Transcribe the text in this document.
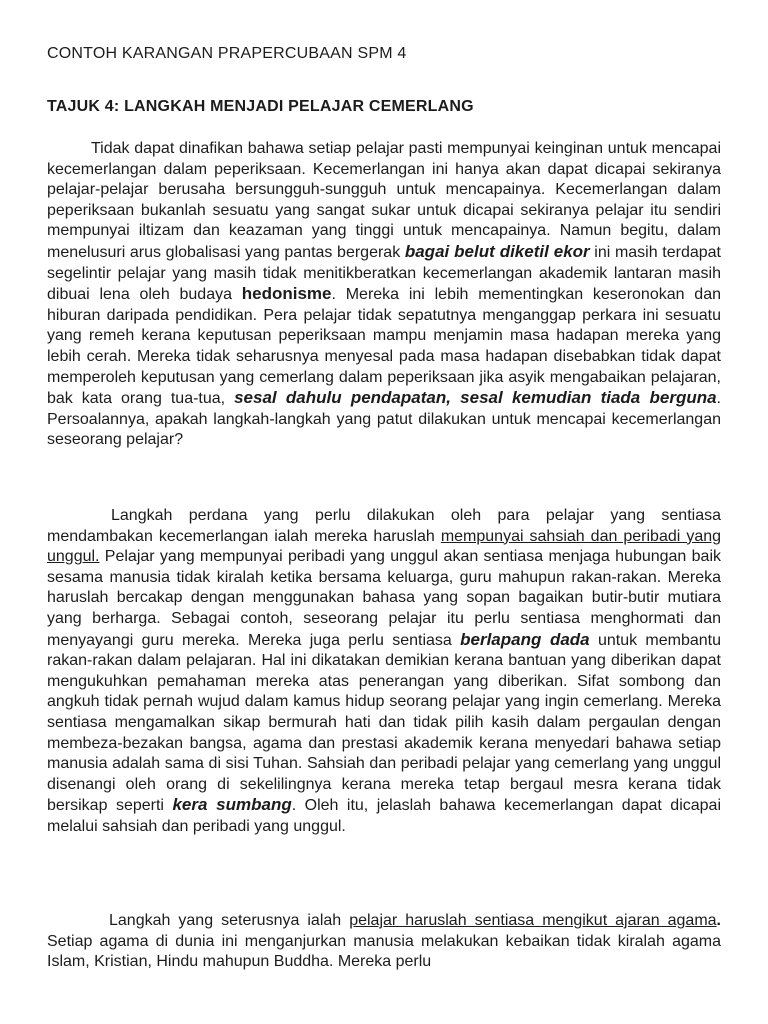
CONTOH KARANGAN PRAPERCUBAAN SPM 4
TAJUK 4: LANGKAH MENJADI PELAJAR CEMERLANG

Tidak dapat dinafikan bahawa setiap pelajar pasti mempunyai keinginan untuk mencapai kecemerlangan dalam peperiksaan. Kecemerlangan ini hanya akan dapat dicapai sekiranya pelajar-pelajar berusaha bersungguh-sungguh untuk mencapainya. Kecemerlangan dalam peperiksaan bukanlah sesuatu yang sangat sukar untuk dicapai sekiranya pelajar itu sendiri mempunyai iltizam dan keazaman yang tinggi untuk mencapainya. Namun begitu, dalam menelusuri arus globalisasi yang pantas bergerak bagai belut diketil ekor ini masih terdapat segelintir pelajar yang masih tidak menitikberatkan kecemerlangan akademik lantaran masih dibuai lena oleh budaya hedonisme. Mereka ini lebih mementingkan keseronokan dan hiburan daripada pendidikan. Pera pelajar tidak sepatutnya menganggap perkara ini sesuatu yang remeh kerana keputusan peperiksaan mampu menjamin masa hadapan mereka yang lebih cerah. Mereka tidak seharusnya menyesal pada masa hadapan disebabkan tidak dapat memperoleh keputusan yang cemerlang dalam peperiksaan jika asyik mengabaikan pelajaran, bak kata orang tua-tua, sesal dahulu pendapatan, sesal kemudian tiada berguna. Persoalannya, apakah langkah-langkah yang patut dilakukan untuk mencapai kecemerlangan seseorang pelajar?

Langkah perdana yang perlu dilakukan oleh para pelajar yang sentiasa mendambakan kecemerlangan ialah mereka haruslah mempunyai sahsiah dan peribadi yang unggul. Pelajar yang mempunyai peribadi yang unggul akan sentiasa menjaga hubungan baik sesama manusia tidak kiralah ketika bersama keluarga, guru mahupun rakan-rakan. Mereka haruslah bercakap dengan menggunakan bahasa yang sopan bagaikan butir-butir mutiara yang berharga. Sebagai contoh, seseorang pelajar itu perlu sentiasa menghormati dan menyayangi guru mereka. Mereka juga perlu sentiasa berlapang dada untuk membantu rakan-rakan dalam pelajaran. Hal ini dikatakan demikian kerana bantuan yang diberikan dapat mengukuhkan pemahaman mereka atas penerangan yang diberikan. Sifat sombong dan angkuh tidak pernah wujud dalam kamus hidup seorang pelajar yang ingin cemerlang. Mereka sentiasa mengamalkan sikap bermurah hati dan tidak pilih kasih dalam pergaulan dengan membeza-bezakan bangsa, agama dan prestasi akademik kerana menyedari bahawa setiap manusia adalah sama di sisi Tuhan. Sahsiah dan peribadi pelajar yang cemerlang yang unggul disenangi oleh orang di sekelilingnya kerana mereka tetap bergaul mesra kerana tidak bersikap seperti kera sumbang. Oleh itu, jelaslah bahawa kecemerlangan dapat dicapai melalui sahsiah dan peribadi yang unggul.

Langkah yang seterusnya ialah pelajar haruslah sentiasa mengikut ajaran agama. Setiap agama di dunia ini menganjurkan manusia melakukan kebaikan tidak kiralah agama Islam, Kristian, Hindu mahupun Buddha. Mereka perlu
